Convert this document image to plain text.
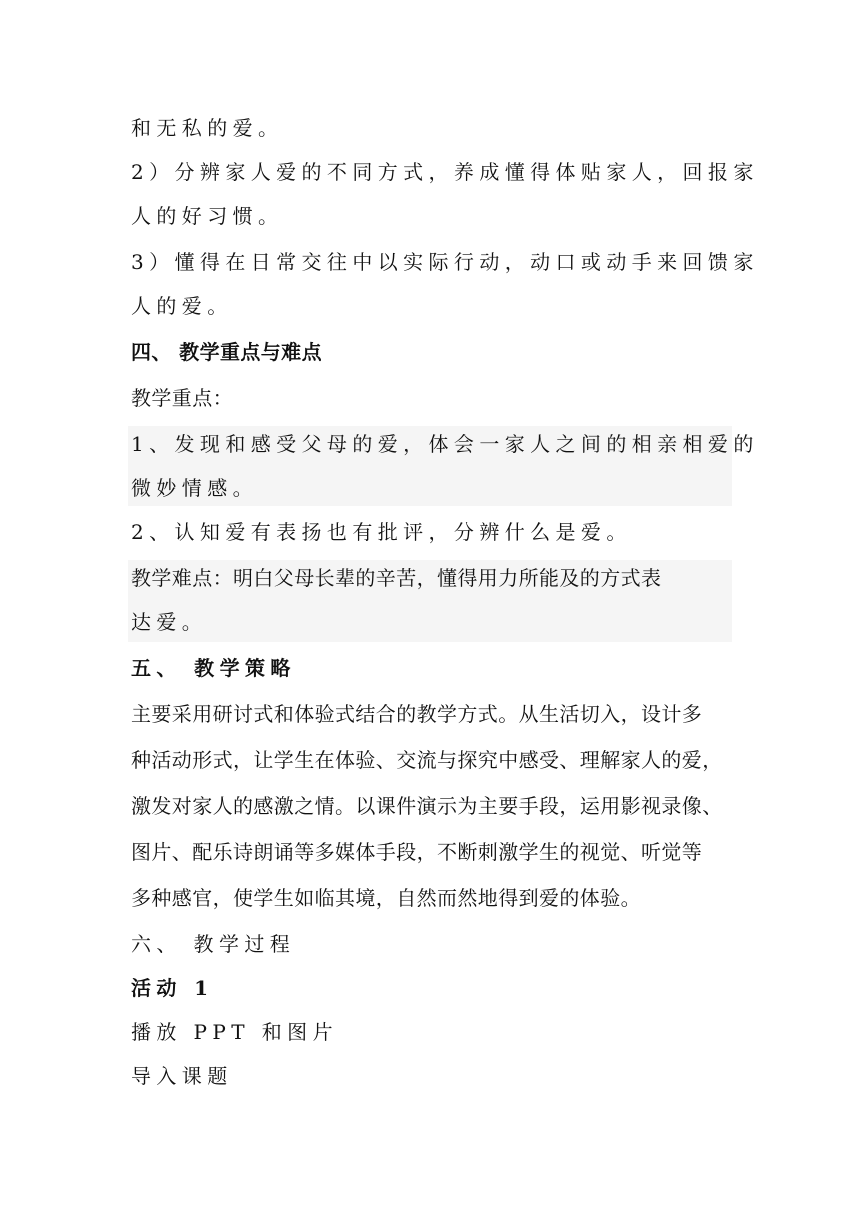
和无私的爱。
2）分辨家人爱的不同方式，养成懂得体贴家人，回报家
人的好习惯。
3）懂得在日常交往中以实际行动，动口或动手来回馈家
人的爱。
四、 教学重点与难点
教学重点：
1、发现和感受父母的爱，体会一家人之间的相亲相爱的
微妙情感。
2、认知爱有表扬也有批评，分辨什么是爱。
教学难点：明白父母长辈的辛苦，懂得用力所能及的方式表
达爱。
五、 教学策略
主要采用研讨式和体验式结合的教学方式。从生活切入，设计多
种活动形式，让学生在体验、交流与探究中感受、理解家人的爱，
激发对家人的感激之情。以课件演示为主要手段，运用影视录像、
图片、配乐诗朗诵等多媒体手段，不断刺激学生的视觉、听觉等
多种感官，使学生如临其境，自然而然地得到爱的体验。
六、 教学过程
活动 1
播放 PPT 和图片
导入课题
